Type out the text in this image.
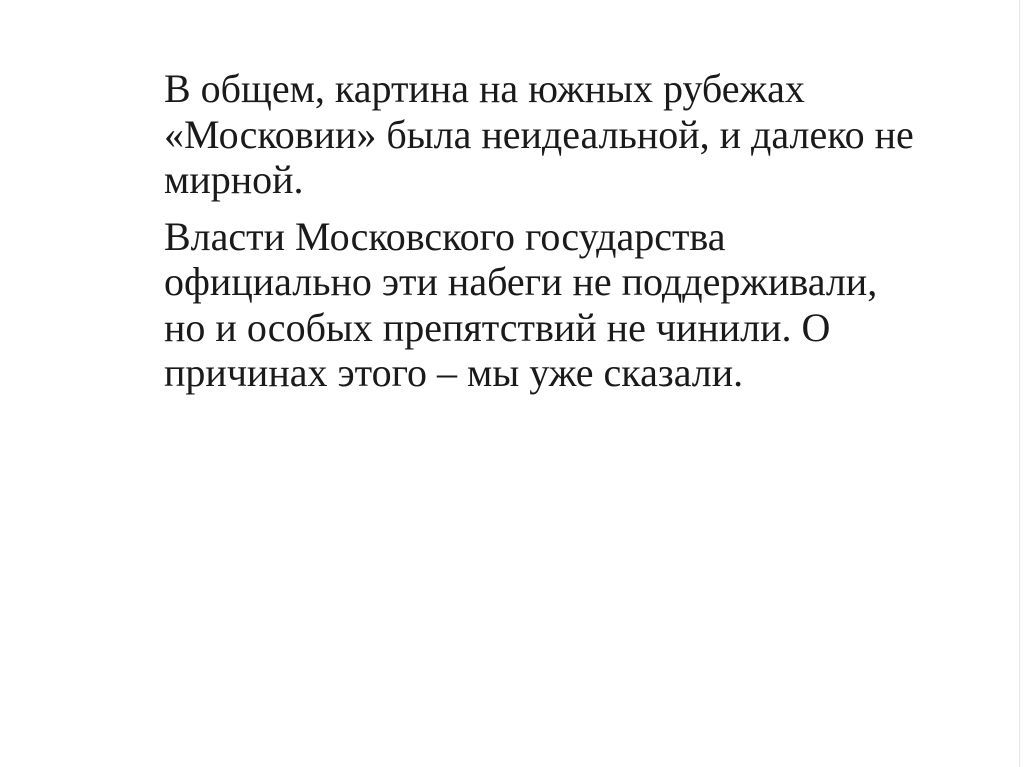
В общем, картина на южных рубежах
«Московии» была неидеальной, и далеко не
мирной.

Власти Московского государства
официально эти набеги не поддерживали,
но и особых препятствий не чинили. О
причинах этого – мы уже сказали.
